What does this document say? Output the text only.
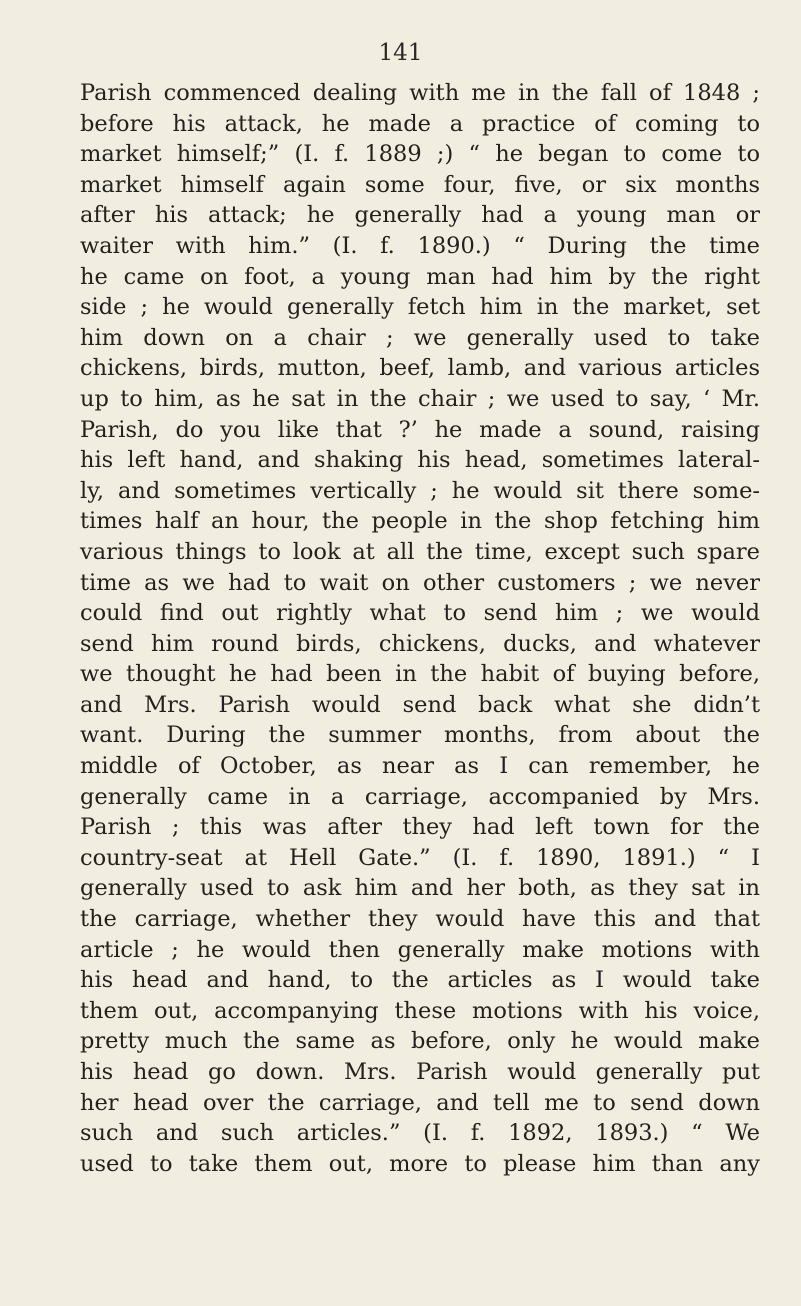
141
Parish commenced dealing with me in the fall of 1848 ;
before his attack, he made a practice of coming to
market himself;” (I. f. 1889 ;) “ he began to come to
market himself again some four, five, or six months
after his attack; he generally had a young man or
waiter with him.” (I. f. 1890.) “ During the time
he came on foot, a young man had him by the right
side ; he would generally fetch him in the market, set
him down on a chair ; we generally used to take
chickens, birds, mutton, beef, lamb, and various articles
up to him, as he sat in the chair ; we used to say, ‘ Mr.
Parish, do you like that ?’ he made a sound, raising
his left hand, and shaking his head, sometimes lateral-
ly, and sometimes vertically ; he would sit there some-
times half an hour, the people in the shop fetching him
various things to look at all the time, except such spare
time as we had to wait on other customers ; we never
could find out rightly what to send him ; we would
send him round birds, chickens, ducks, and whatever
we thought he had been in the habit of buying before,
and Mrs. Parish would send back what she didn’t
want. During the summer months, from about the
middle of October, as near as I can remember, he
generally came in a carriage, accompanied by Mrs.
Parish ; this was after they had left town for the
country-seat at Hell Gate.” (I. f. 1890, 1891.) “ I
generally used to ask him and her both, as they sat in
the carriage, whether they would have this and that
article ; he would then generally make motions with
his head and hand, to the articles as I would take
them out, accompanying these motions with his voice,
pretty much the same as before, only he would make
his head go down. Mrs. Parish would generally put
her head over the carriage, and tell me to send down
such and such articles.” (I. f. 1892, 1893.) “ We
used to take them out, more to please him than any
